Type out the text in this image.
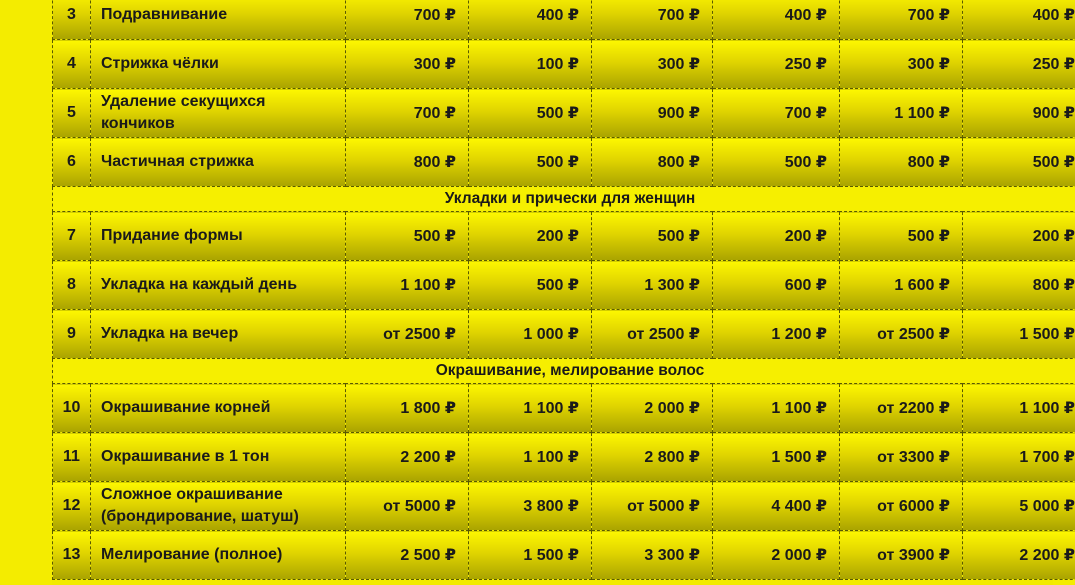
3	Подравнивание	700 ₽	400 ₽	700 ₽	400 ₽	700 ₽	400 ₽
4	Стрижка чёлки	300 ₽	100 ₽	300 ₽	250 ₽	300 ₽	250 ₽
5	Удаление секущихся кончиков	700 ₽	500 ₽	900 ₽	700 ₽	1 100 ₽	900 ₽
6	Частичная стрижка	800 ₽	500 ₽	800 ₽	500 ₽	800 ₽	500 ₽
Укладки и прически для женщин							
7	Придание формы	500 ₽	200 ₽	500 ₽	200 ₽	500 ₽	200 ₽
8	Укладка на каждый день	1 100 ₽	500 ₽	1 300 ₽	600 ₽	1 600 ₽	800 ₽
9	Укладка на вечер	от 2500 ₽	1 000 ₽	от 2500 ₽	1 200 ₽	от 2500 ₽	1 500 ₽
Окрашивание, мелирование волос							
10	Окрашивание корней	1 800 ₽	1 100 ₽	2 000 ₽	1 100 ₽	от 2200 ₽	1 100 ₽
11	Окрашивание в 1 тон	2 200 ₽	1 100 ₽	2 800 ₽	1 500 ₽	от 3300 ₽	1 700 ₽
12	Сложное окрашивание (брондирование, шатуш)	от 5000 ₽	3 800 ₽	от 5000 ₽	4 400 ₽	от 6000 ₽	5 000 ₽
13	Мелирование (полное)	2 500 ₽	1 500 ₽	3 300 ₽	2 000 ₽	от 3900 ₽	2 200 ₽
